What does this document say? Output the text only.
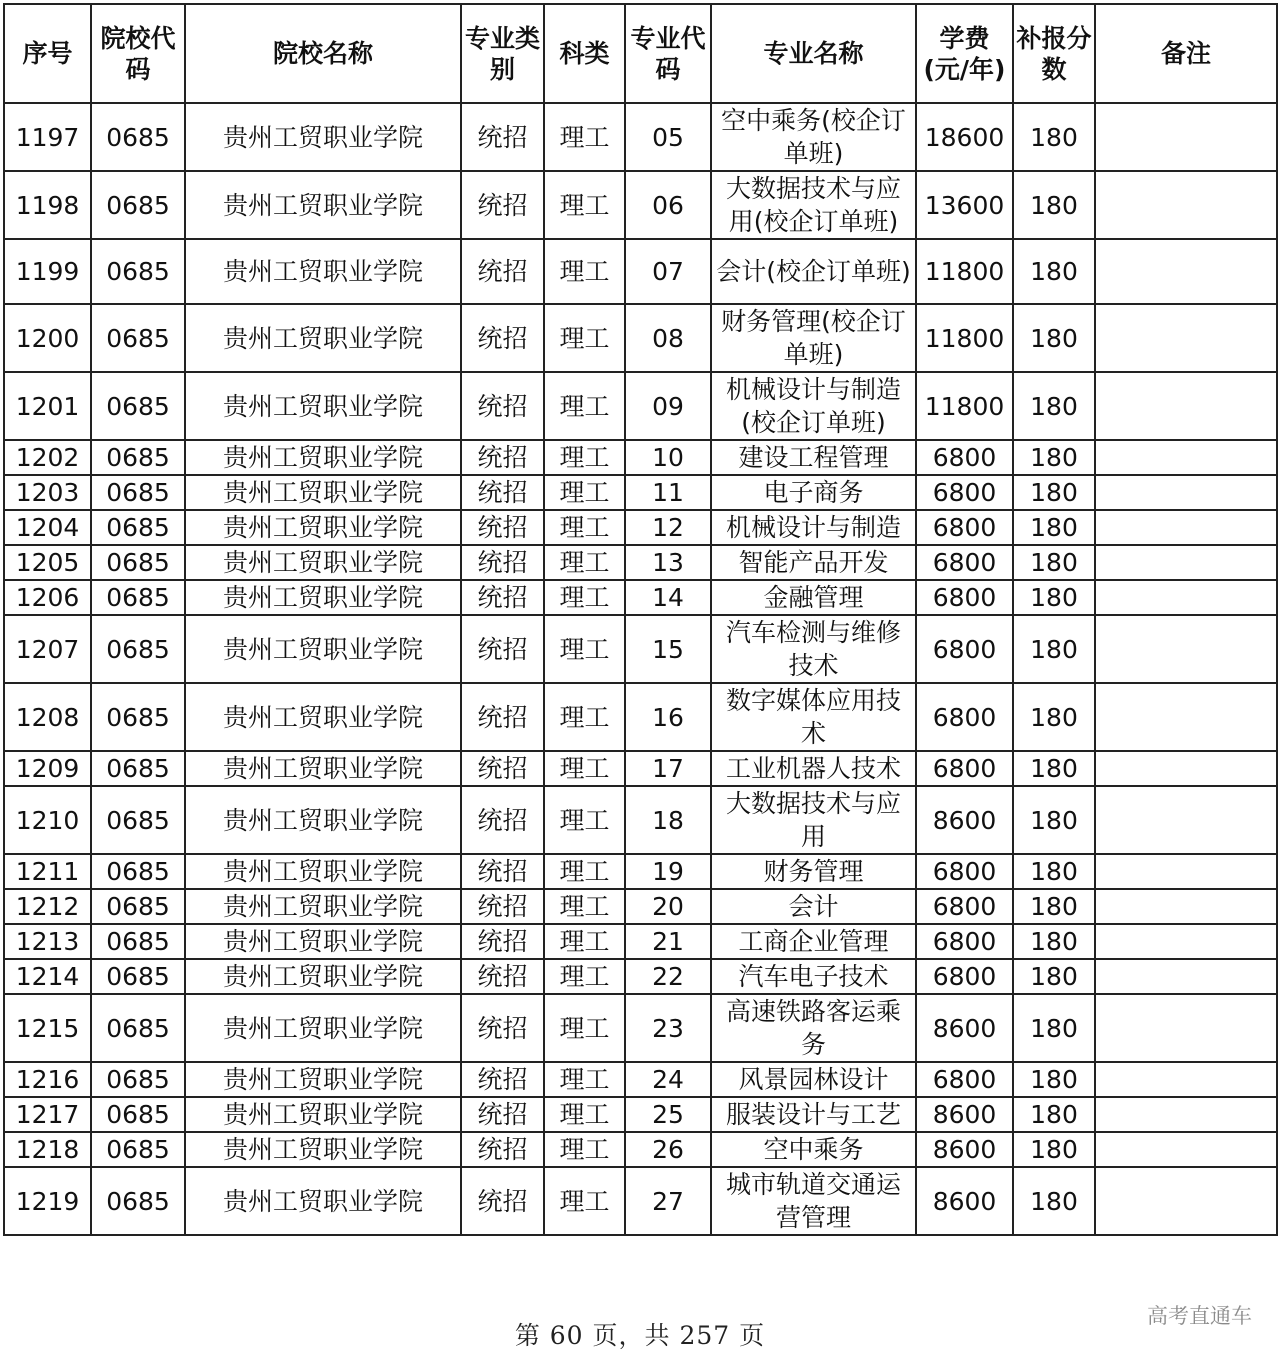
序号	院校代码	院校名称	专业类别	科类	专业代码	专业名称	学费(元/年)	补报分数	备注
1197	0685	贵州工贸职业学院	统招	理工	05	空中乘务(校企订单班)	18600	180	
1198	0685	贵州工贸职业学院	统招	理工	06	大数据技术与应用(校企订单班)	13600	180	
1199	0685	贵州工贸职业学院	统招	理工	07	会计(校企订单班)	11800	180	
1200	0685	贵州工贸职业学院	统招	理工	08	财务管理(校企订单班)	11800	180	
1201	0685	贵州工贸职业学院	统招	理工	09	机械设计与制造(校企订单班)	11800	180	
1202	0685	贵州工贸职业学院	统招	理工	10	建设工程管理	6800	180	
1203	0685	贵州工贸职业学院	统招	理工	11	电子商务	6800	180	
1204	0685	贵州工贸职业学院	统招	理工	12	机械设计与制造	6800	180	
1205	0685	贵州工贸职业学院	统招	理工	13	智能产品开发	6800	180	
1206	0685	贵州工贸职业学院	统招	理工	14	金融管理	6800	180	
1207	0685	贵州工贸职业学院	统招	理工	15	汽车检测与维修技术	6800	180	
1208	0685	贵州工贸职业学院	统招	理工	16	数字媒体应用技术	6800	180	
1209	0685	贵州工贸职业学院	统招	理工	17	工业机器人技术	6800	180	
1210	0685	贵州工贸职业学院	统招	理工	18	大数据技术与应用	8600	180	
1211	0685	贵州工贸职业学院	统招	理工	19	财务管理	6800	180	
1212	0685	贵州工贸职业学院	统招	理工	20	会计	6800	180	
1213	0685	贵州工贸职业学院	统招	理工	21	工商企业管理	6800	180	
1214	0685	贵州工贸职业学院	统招	理工	22	汽车电子技术	6800	180	
1215	0685	贵州工贸职业学院	统招	理工	23	高速铁路客运乘务	8600	180	
1216	0685	贵州工贸职业学院	统招	理工	24	风景园林设计	6800	180	
1217	0685	贵州工贸职业学院	统招	理工	25	服装设计与工艺	8600	180	
1218	0685	贵州工贸职业学院	统招	理工	26	空中乘务	8600	180	
1219	0685	贵州工贸职业学院	统招	理工	27	城市轨道交通运营管理	8600	180	
第 60 页，共 257 页
高考直通车
